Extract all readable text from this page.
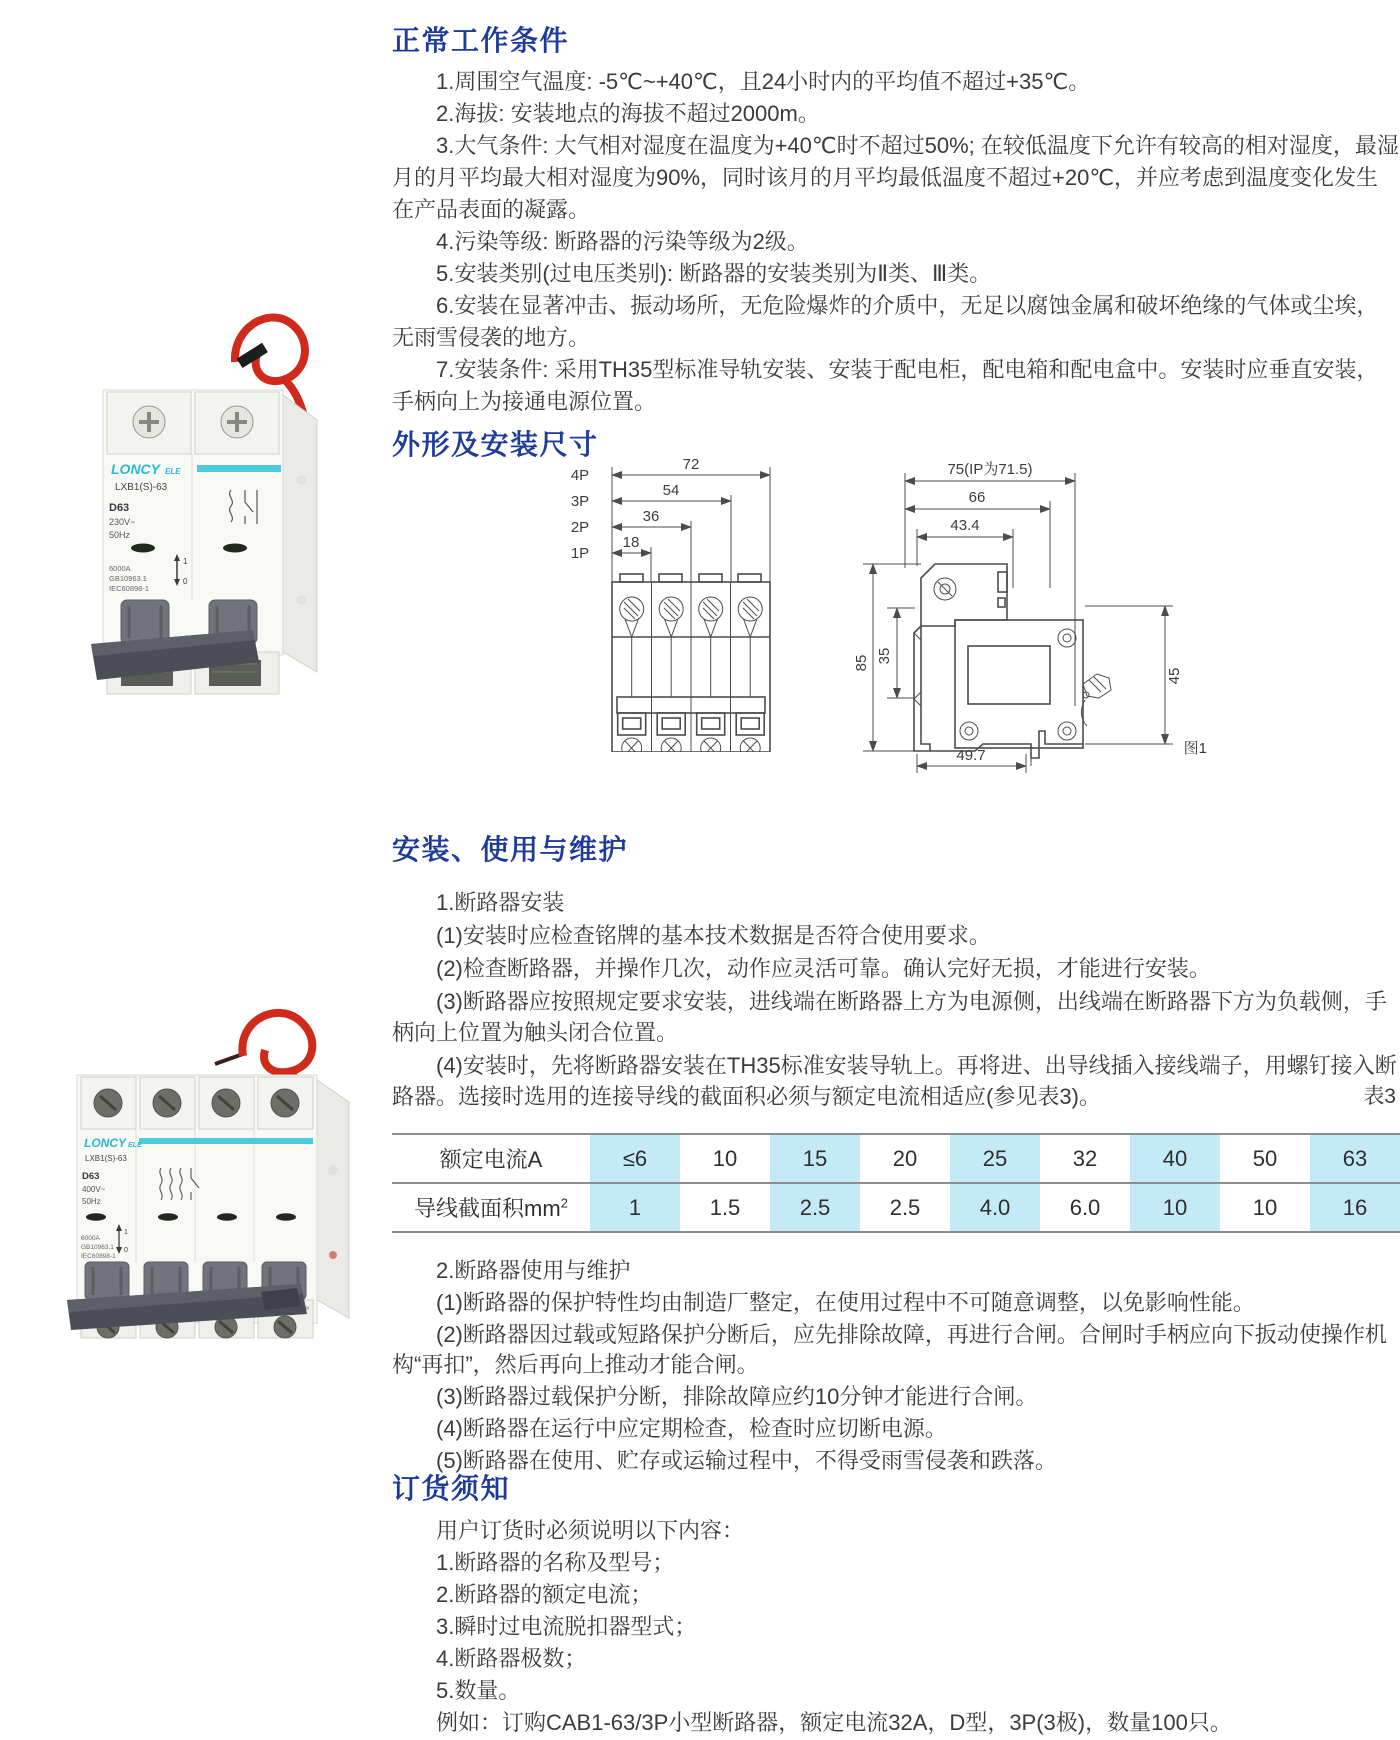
正常工作条件

1.周围空气温度: -5℃~+40℃，且24小时内的平均值不超过+35℃。

2.海拔: 安装地点的海拔不超过2000m。

3.大气条件: 大气相对湿度在温度为+40℃时不超过50%; 在较低温度下允许有较高的相对湿度，最湿月的月平均最大相对湿度为90%，同时该月的月平均最低温度不超过+20℃，并应考虑到温度变化发生在产品表面的凝露。

4.污染等级: 断路器的污染等级为2级。

5.安装类别(过电压类别): 断路器的安装类别为Ⅱ类、Ⅲ类。

6.安装在显著冲击、振动场所，无危险爆炸的介质中，无足以腐蚀金属和破坏绝缘的气体或尘埃，无雨雪侵袭的地方。

7.安装条件: 采用TH35型标准导轨安装、安装于配电柜，配电箱和配电盒中。安装时应垂直安装，手柄向上为接通电源位置。

外形及安装尺寸
4P
3P
2P
1P
72
54
36
18
75(IP为71.5)
66
43.4
85 35
45
49.7	图1
安装、使用与维护

1.断路器安装

(1)安装时应检查铭牌的基本技术数据是否符合使用要求。

(2)检查断路器，并操作几次，动作应灵活可靠。确认完好无损，才能进行安装。

(3)断路器应按照规定要求安装，进线端在断路器上方为电源侧，出线端在断路器下方为负载侧，手柄向上位置为触头闭合位置。

(4)安装时，先将断路器安装在TH35标准安装导轨上。再将进、出导线插入接线端子，用螺钉接入断路器。选接时选用的连接导线的截面积必须与额定电流相适应(参见表3)。	表3
额定电流A	≤6	10	15	20	25	32	40	50	63
导线截面积$mm^2$	1	1.5	2.5	2.5	4.0	6.0	10	10	16

2.断路器使用与维护

(1)断路器的保护特性均由制造厂整定，在使用过程中不可随意调整，以免影响性能。

(2)断路器因过载或短路保护分断后，应先排除故障，再进行合闸。合闸时手柄应向下扳动使操作机构“再扣”，然后再向上推动才能合闸。

(3)断路器过载保护分断，排除故障应约10分钟才能进行合闸。

(4)断路器在运行中应定期检查，检查时应切断电源。

(5)断路器在使用、贮存或运输过程中，不得受雨雪侵袭和跌落。

订货须知

用户订货时必须说明以下内容：

1.断路器的名称及型号；

2.断路器的额定电流；

3.瞬时过电流脱扣器型式；

4.断路器极数；

5.数量。

例如：订购CAB1-63/3P小型断路器，额定电流32A，D型，3P(3极)，数量100只。

LONCY ELE
LXB1(S)-63
D63
230V~
50Hz
6000A
GB10963.1
IEC60898-1
1
0
LONCY ELE
LXB1(S)-63
D63
400V~
50Hz
6000A
GB10963.1
IEC60898-1
1
0
